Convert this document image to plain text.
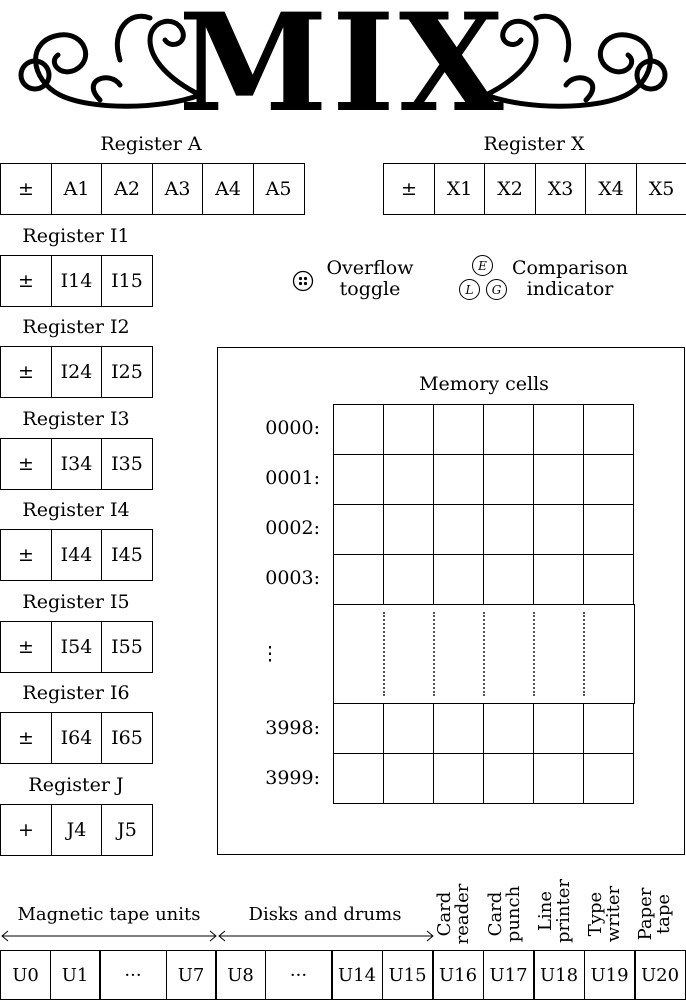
MIX
Register A
±	A1	A2	A3	A4	A5
Register X
±	X1	X2	X3	X4	X5
Register I1
±	I14 I15
Register I2
±	I24 I25
Register I3
±	I34 I35
Register I4
±	I44 I45
Register I5
±	I54 I55
Register I6
±	I64 I65
Register J
+	J4	J5
Overflow
toggle
E
L	G
Comparison
indicator
Memory cells

0000:
0001:
0002:
0003:
⋮
3998:
3999:
Magnetic tape units	Disks and drums	Card
reader Card
punch Line
printer Type
writer Paper
tape
U0	U1	···	U7	U8	···	U14 U15 U16 U17 U18 U19 U20
